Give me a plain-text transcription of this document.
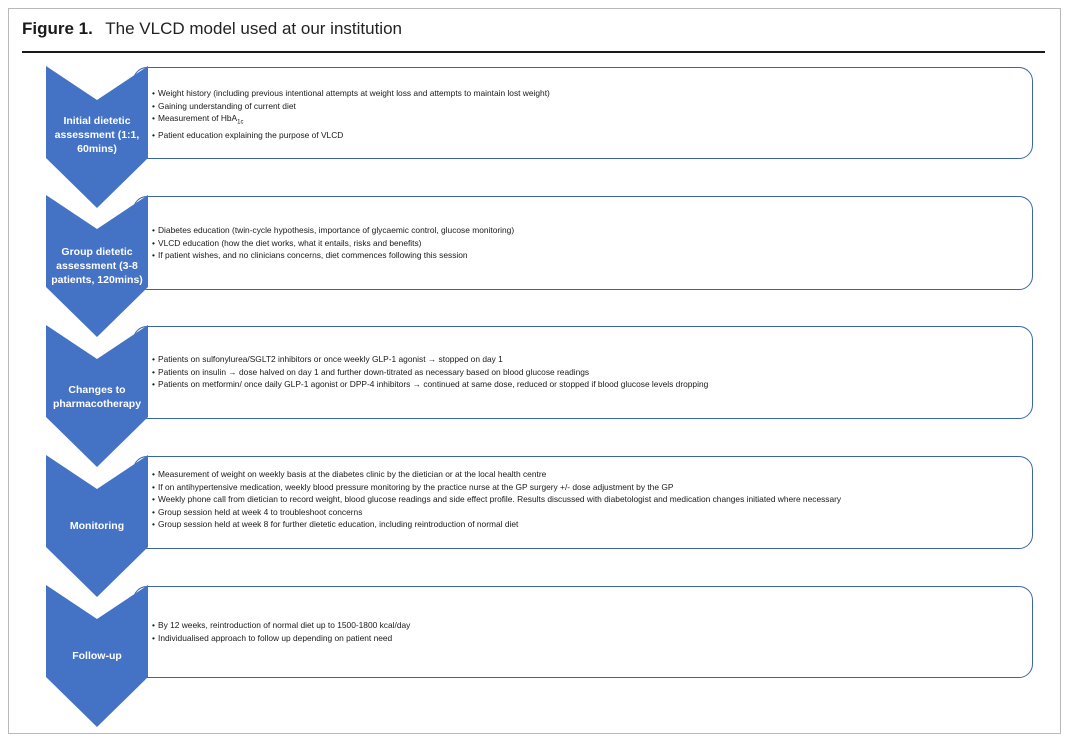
Figure 1. The VLCD model used at our institution
• Weight history (including previous intentional attempts at weight loss and attempts to maintain lost weight)
• Gaining understanding of current diet
• Measurement of HbA$_{1c}$
• Patient education explaining the purpose of VLCD
Initial dietetic
assessment (1:1,
60mins)
• Diabetes education (twin-cycle hypothesis, importance of glycaemic control, glucose monitoring)
• VLCD education (how the diet works, what it entails, risks and benefits)
• If patient wishes, and no clinicians concerns, diet commences following this session
Group dietetic
assessment (3-8
patients, 120mins)
• Patients on sulfonylurea/SGLT2 inhibitors or once weekly GLP-1 agonist → stopped on day 1
• Patients on insulin → dose halved on day 1 and further down-titrated as necessary based on blood glucose readings
• Patients on metformin/ once daily GLP-1 agonist or DPP-4 inhibitors → continued at same dose, reduced or stopped if blood glucose levels dropping
Changes to
pharmacotherapy
• Measurement of weight on weekly basis at the diabetes clinic by the dietician or at the local health centre
• If on antihypertensive medication, weekly blood pressure monitoring by the practice nurse at the GP surgery +/- dose adjustment by the GP
• Weekly phone call from dietician to record weight, blood glucose readings and side effect profile. Results discussed with diabetologist and medication changes initiated where necessary
• Group session held at week 4 to troubleshoot concerns
• Group session held at week 8 for further dietetic education, including reintroduction of normal diet
Monitoring
• By 12 weeks, reintroduction of normal diet up to 1500-1800 kcal/day
• Individualised approach to follow up depending on patient need
Follow-up
